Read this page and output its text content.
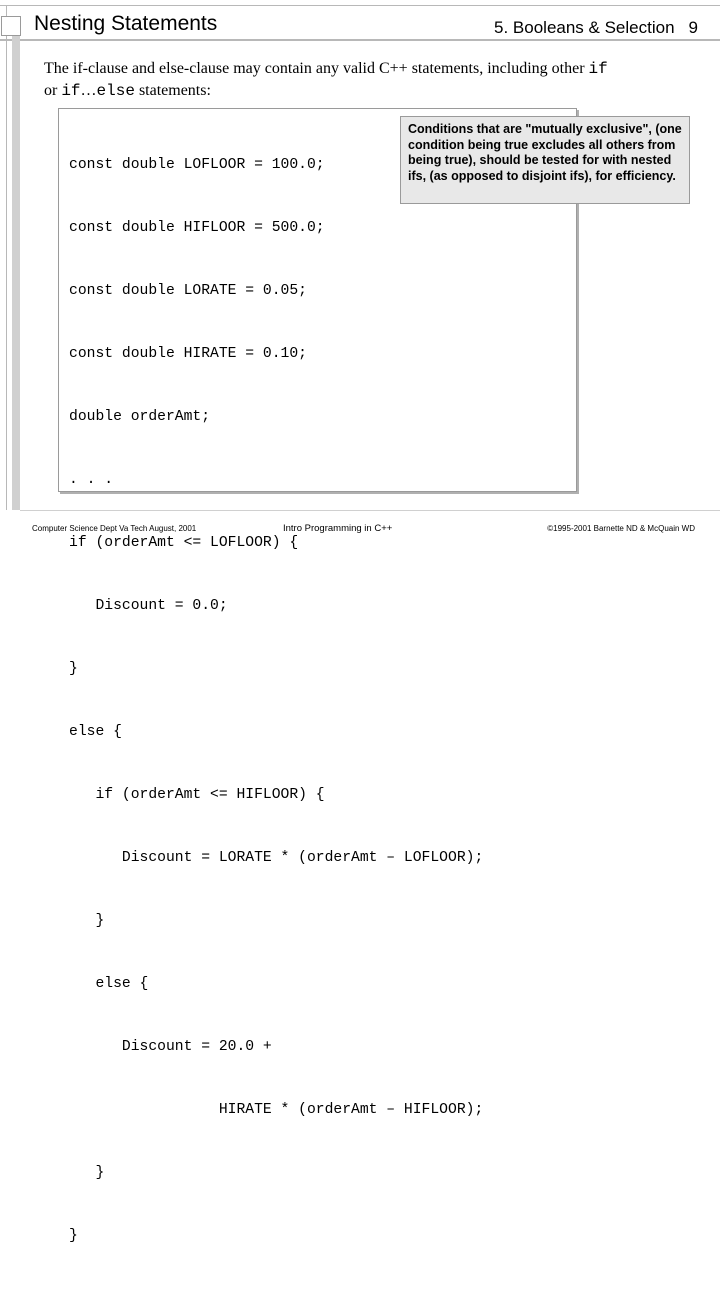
Nesting Statements	5. Booleans & Selection 9
The if-clause and else-clause may contain any valid C++ statements, including other if
or if…else statements:

const double LOFLOOR = 100.0;

const double HIFLOOR = 500.0;

const double LORATE = 0.05;

const double HIRATE = 0.10;

double orderAmt;

. . .

if (orderAmt <= LOFLOOR) {

Discount = 0.0;

}

else {

if (orderAmt <= HIFLOOR) {

Discount = LORATE * (orderAmt – LOFLOOR);

}

else {

Discount = 20.0 +

HIRATE * (orderAmt – HIFLOOR);

}

}

Conditions that are "mutually exclusive", (one condition being true excludes all others from being true), should be tested for with nested ifs, (as opposed to disjoint ifs), for efficiency.
Computer Science Dept Va Tech August, 2001	Intro Programming in C++	©1995-2001 Barnette ND & McQuain WD
